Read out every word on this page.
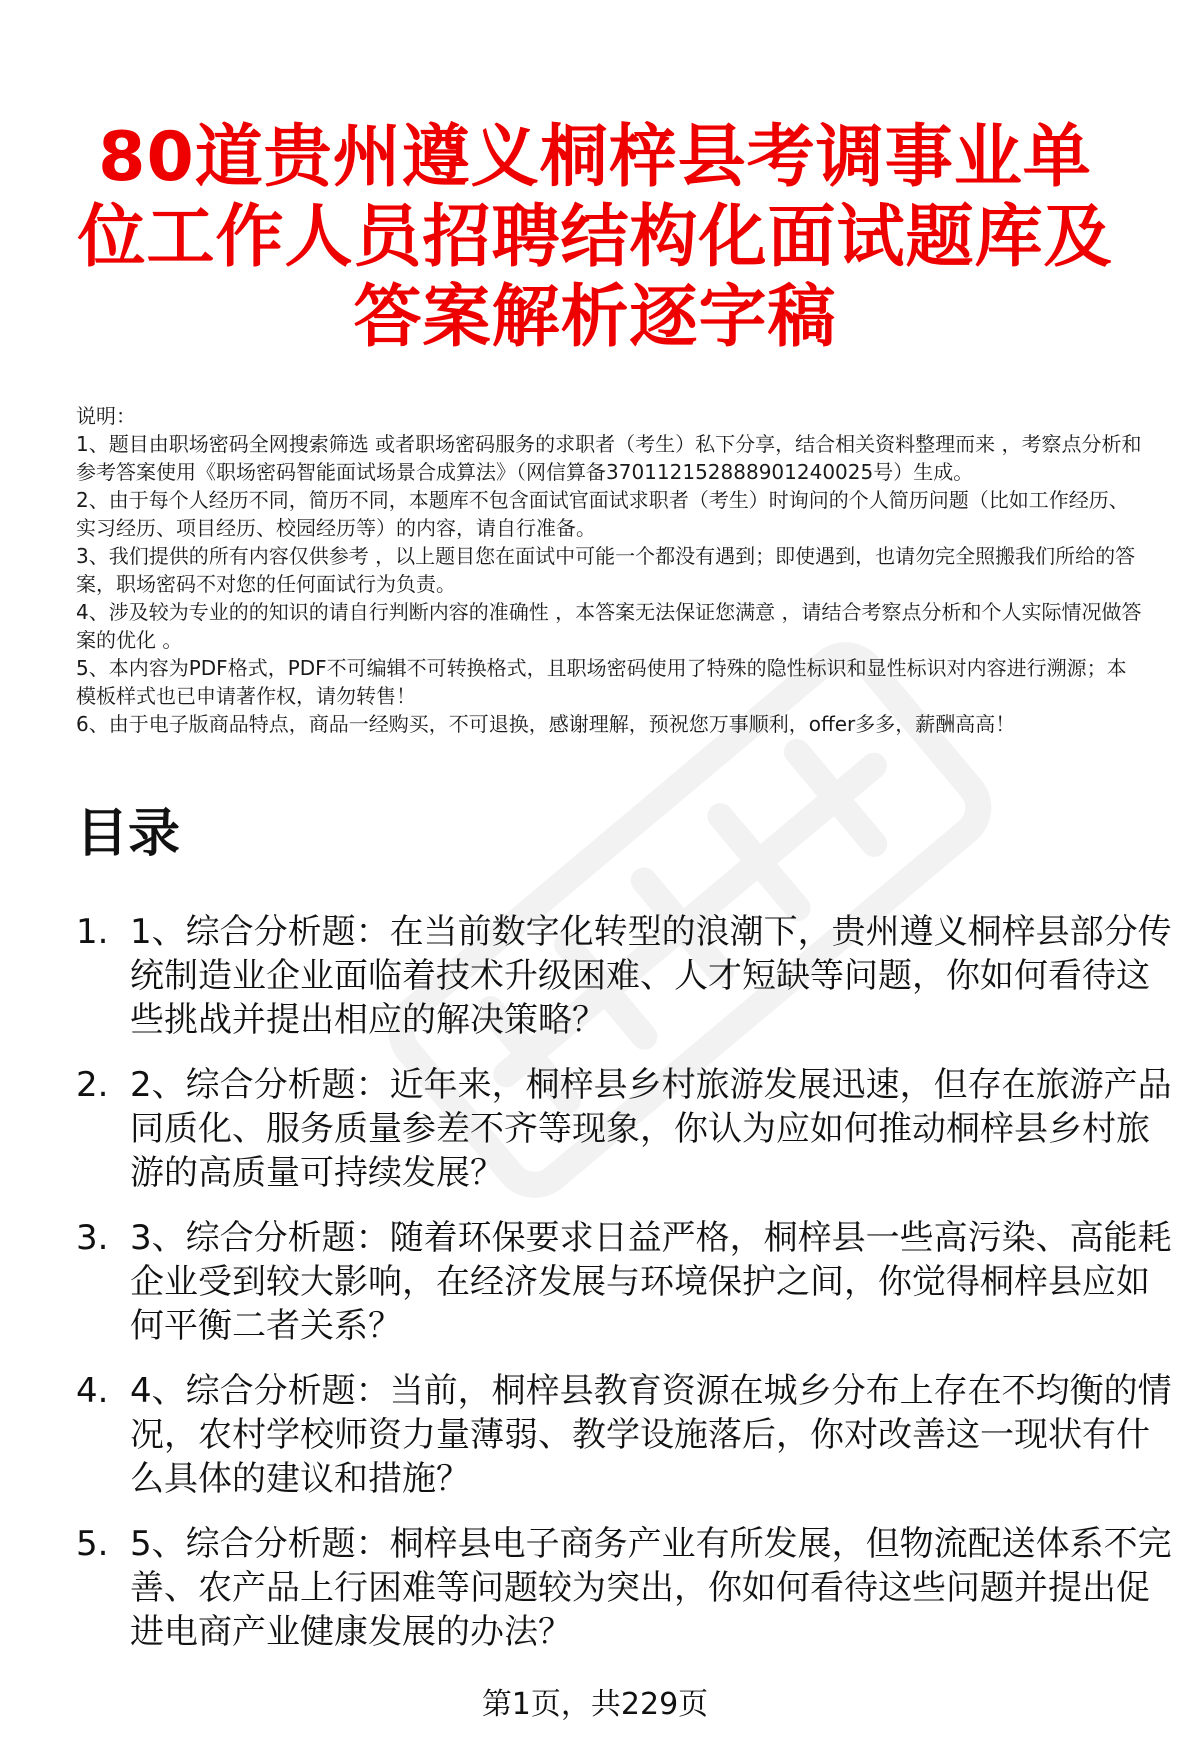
80道贵州遵义桐梓县考调事业单位工作人员招聘结构化面试题库及答案解析逐字稿

说明：

1、题目由职场密码全网搜索筛选 或者职场密码服务的求职者（考生）私下分享，结合相关资料整理而来 ，考察点分析和参考答案使用《职场密码智能面试场景合成算法》（网信算备370112152888901240025号）生成。

2、由于每个人经历不同，简历不同，本题库不包含面试官面试求职者（考生）时询问的个人简历问题（比如工作经历、实习经历、项目经历、校园经历等）的内容，请自行准备。

3、我们提供的所有内容仅供参考 ，以上题目您在面试中可能一个都没有遇到；即使遇到，也请勿完全照搬我们所给的答案，职场密码不对您的任何面试行为负责。

4、涉及较为专业的的知识的请自行判断内容的准确性 ，本答案无法保证您满意 ，请结合考察点分析和个人实际情况做答案的优化 。

5、本内容为PDF格式，PDF不可编辑不可转换格式，且职场密码使用了特殊的隐性标识和显性标识对内容进行溯源；本模板样式也已申请著作权，请勿转售！

6、由于电子版商品特点，商品一经购买，不可退换，感谢理解，预祝您万事顺利，offer多多，薪酬高高！

目录
1. 1、综合分析题：在当前数字化转型的浪潮下，贵州遵义桐梓县部分传统制造业企业面临着技术升级困难、人才短缺等问题，你如何看待这些挑战并提出相应的解决策略？
2. 2、综合分析题：近年来，桐梓县乡村旅游发展迅速，但存在旅游产品同质化、服务质量参差不齐等现象，你认为应如何推动桐梓县乡村旅游的高质量可持续发展？
3. 3、综合分析题：随着环保要求日益严格，桐梓县一些高污染、高能耗企业受到较大影响，在经济发展与环境保护之间，你觉得桐梓县应如何平衡二者关系？
4. 4、综合分析题：当前，桐梓县教育资源在城乡分布上存在不均衡的情况，农村学校师资力量薄弱、教学设施落后，你对改善这一现状有什么具体的建议和措施？
5. 5、综合分析题：桐梓县电子商务产业有所发展，但物流配送体系不完善、农产品上行困难等问题较为突出，你如何看待这些问题并提出促进电商产业健康发展的办法？
第1页，共229页
